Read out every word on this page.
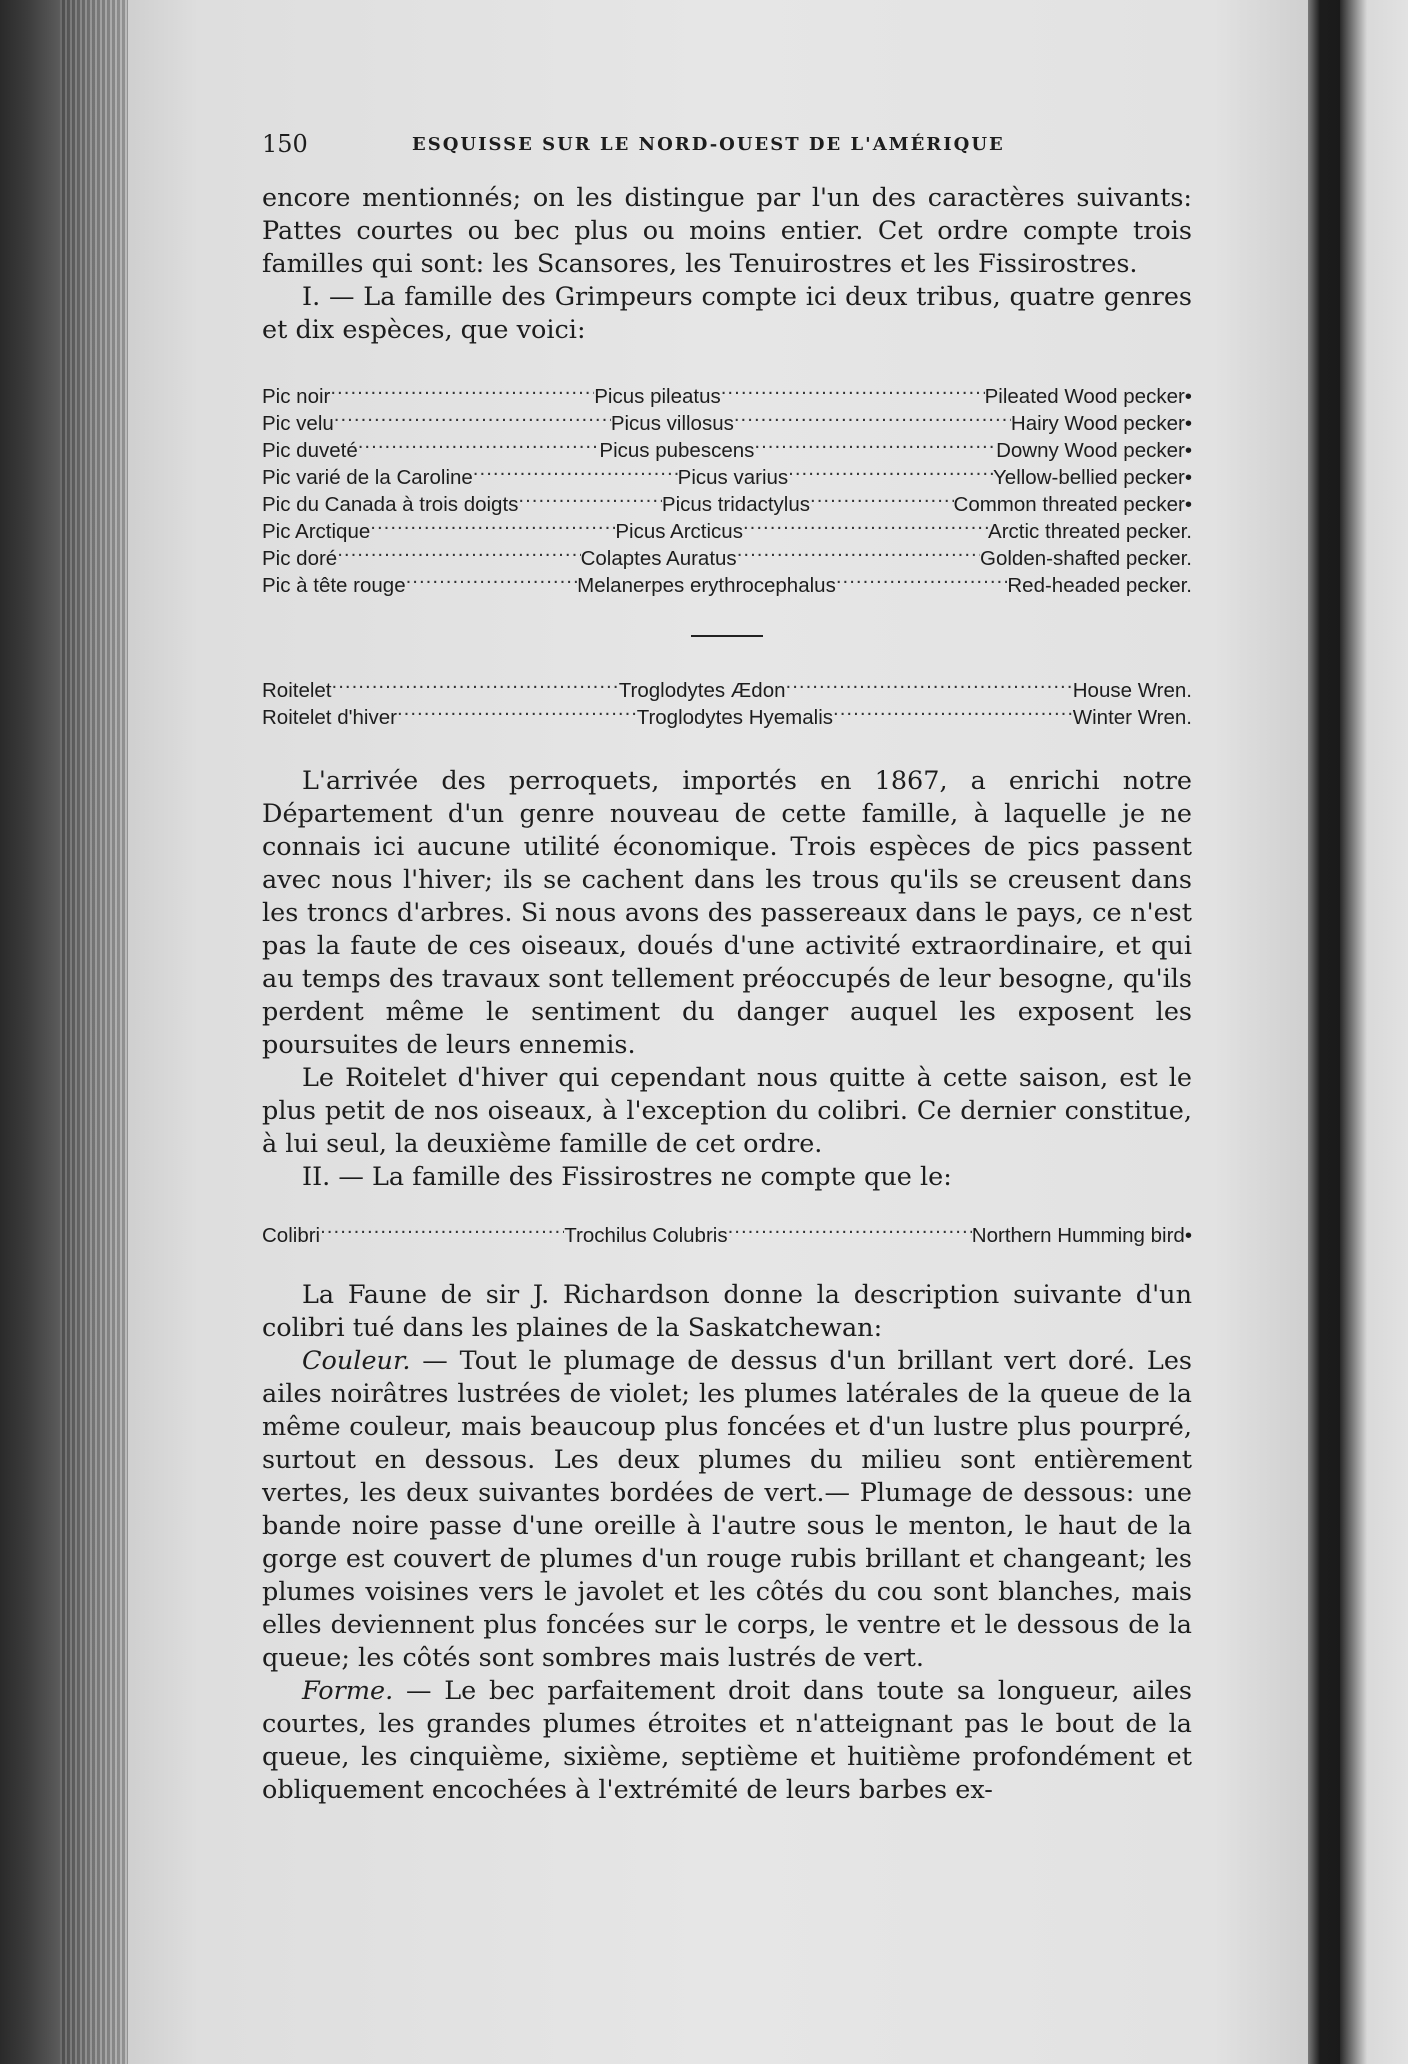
150	ESQUISSE SUR LE NORD-OUEST DE L'AMÉRIQUE

encore mentionnés; on les distingue par l'un des caractères suivants: Pattes courtes ou bec plus ou moins entier. Cet ordre compte trois familles qui sont: les Scansores, les Tenuirostres et les Fissirostres.

I. — La famille des Grimpeurs compte ici deux tribus, quatre genres et dix espèces, que voici:

Pic noir .....	Picus pileatus .....	Pileated Wood pecker•
Pic velu .....	Picus villosus .....	Hairy Wood pecker•
Pic duveté .....	Picus pubescens .....	Downy Wood pecker•
Pic varié de la Caroline .....	Picus varius .....	Yellow-bellied pecker•
Pic du Canada à trois doigts .....	Picus tridactylus .....	Common threated pecker•
Pic Arctique .....	Picus Arcticus .....	Arctic threated pecker.
Pic doré .....	Colaptes Auratus .....	Golden-shafted pecker.
Pic à tête rouge .....	Melanerpes erythrocephalus .....	Red-headed pecker.
Roitelet .....	Troglodytes Ædon .....	House Wren.
Roitelet d'hiver .....	Troglodytes Hyemalis .....	Winter Wren.

L'arrivée des perroquets, importés en 1867, a enrichi notre Département d'un genre nouveau de cette famille, à laquelle je ne connais ici aucune utilité économique. Trois espèces de pics passent avec nous l'hiver; ils se cachent dans les trous qu'ils se creusent dans les troncs d'arbres. Si nous avons des passereaux dans le pays, ce n'est pas la faute de ces oiseaux, doués d'une activité extraordinaire, et qui au temps des travaux sont tellement préoccupés de leur besogne, qu'ils perdent même le sentiment du danger auquel les exposent les poursuites de leurs ennemis.

Le Roitelet d'hiver qui cependant nous quitte à cette saison, est le plus petit de nos oiseaux, à l'exception du colibri. Ce dernier constitue, à lui seul, la deuxième famille de cet ordre.

II. — La famille des Fissirostres ne compte que le:

Colibri .....	Trochilus Colubris .....	Northern Humming bird•

La Faune de sir J. Richardson donne la description suivante d'un colibri tué dans les plaines de la Saskatchewan:

Couleur. — Tout le plumage de dessus d'un brillant vert doré. Les ailes noirâtres lustrées de violet; les plumes latérales de la queue de la même couleur, mais beaucoup plus foncées et d'un lustre plus pourpré, surtout en dessous. Les deux plumes du milieu sont entièrement vertes, les deux suivantes bordées de vert.— Plumage de dessous: une bande noire passe d'une oreille à l'autre sous le menton, le haut de la gorge est couvert de plumes d'un rouge rubis brillant et changeant; les plumes voisines vers le javolet et les côtés du cou sont blanches, mais elles deviennent plus foncées sur le corps, le ventre et le dessous de la queue; les côtés sont sombres mais lustrés de vert.

Forme. — Le bec parfaitement droit dans toute sa longueur, ailes courtes, les grandes plumes étroites et n'atteignant pas le bout de la queue, les cinquième, sixième, septième et huitième profondément et obliquement encochées à l'extrémité de leurs barbes ex-
